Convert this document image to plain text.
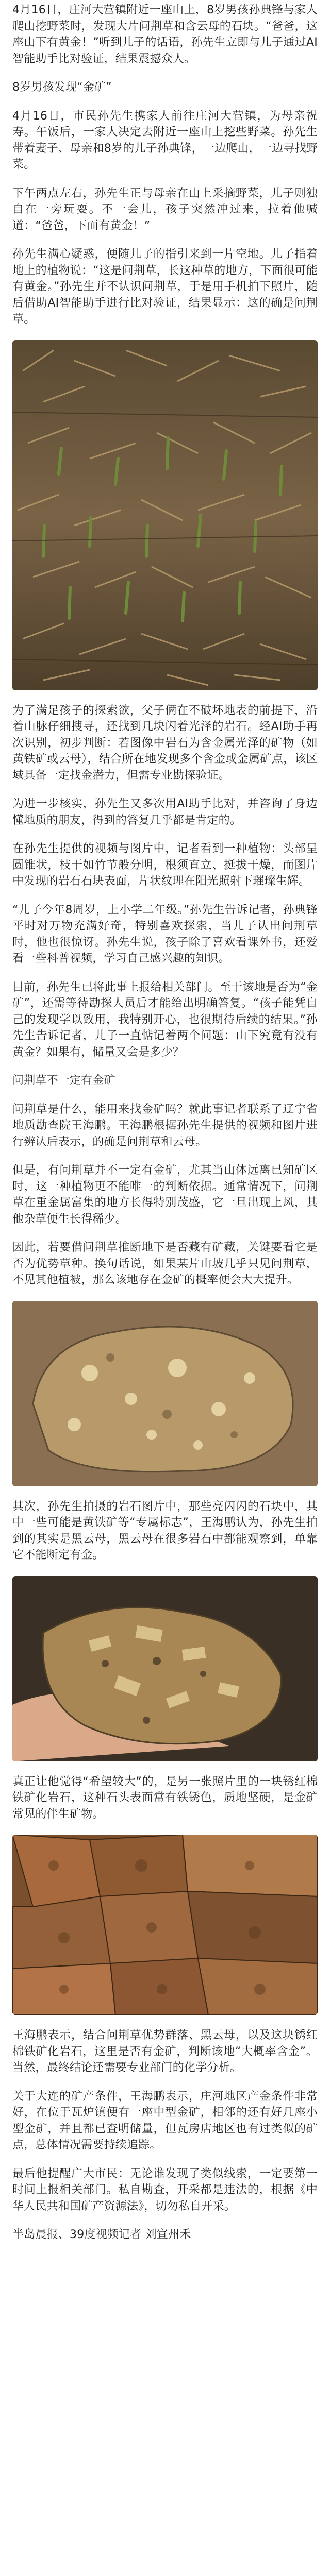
4月16日，庄河大营镇附近一座山上，8岁男孩孙典锋与家人爬山挖野菜时，发现大片问荆草和含云母的石块。“爸爸，这座山下有黄金！”听到儿子的话语，孙先生立即与儿子通过AI智能助手比对验证，结果震撼众人。

8岁男孩发现“金矿”

4月16日，市民孙先生携家人前往庄河大营镇，为母亲祝寿。午饭后，一家人决定去附近一座山上挖些野菜。孙先生带着妻子、母亲和8岁的儿子孙典锋，一边爬山，一边寻找野菜。

下午两点左右，孙先生正与母亲在山上采摘野菜，儿子则独自在一旁玩耍。不一会儿，孩子突然冲过来，拉着他喊道：“爸爸，下面有黄金！”

孙先生满心疑惑，便随儿子的指引来到一片空地。儿子指着地上的植物说：“这是问荆草，长这种草的地方，下面很可能有黄金。”孙先生并不认识问荆草，于是用手机拍下照片，随后借助AI智能助手进行比对验证，结果显示：这的确是问荆草。

为了满足孩子的探索欲，父子俩在不破坏地表的前提下，沿着山脉仔细搜寻，还找到几块闪着光泽的岩石。经AI助手再次识别，初步判断：若图像中岩石为含金属光泽的矿物（如黄铁矿或云母），结合所在地发现多个含金或金属矿点，该区域具备一定找金潜力，但需专业勘探验证。

为进一步核实，孙先生又多次用AI助手比对，并咨询了身边懂地质的朋友，得到的答复几乎都是肯定的。

在孙先生提供的视频与图片中，记者看到一种植物：头部呈圆锥状，枝干如竹节般分明，根须直立、挺拔干燥，而图片中发现的岩石石块表面，片状纹理在阳光照射下璀璨生辉。

“儿子今年8周岁，上小学二年级。”孙先生告诉记者，孙典锋平时对万物充满好奇，特别喜欢探索，当儿子认出问荆草时，他也很惊讶。孙先生说，孩子除了喜欢看课外书，还爱看一些科普视频，学习自己感兴趣的知识。

目前，孙先生已将此事上报给相关部门。至于该地是否为“金矿”，还需等待勘探人员后才能给出明确答复。“孩子能凭自己的发现学以致用，我特别开心，也很期待后续的结果。”孙先生告诉记者，儿子一直惦记着两个问题：山下究竟有没有黄金？如果有，储量又会是多少？

问荆草不一定有金矿

问荆草是什么，能用来找金矿吗？就此事记者联系了辽宁省地质勘查院王海鹏。王海鹏根据孙先生提供的视频和图片进行辨认后表示，的确是问荆草和云母。

但是，有问荆草并不一定有金矿，尤其当山体远离已知矿区时，这一种植物更不能唯一的判断依据。通常情况下，问荆草在重金属富集的地方长得特别茂盛，它一旦出现上风，其他杂草便生长得稀少。

因此，若要借问荆草推断地下是否藏有矿藏，关键要看它是否为优势草种。换句话说，如果某片山坡几乎只见问荆草，不见其他植被，那么该地存在金矿的概率便会大大提升。

其次，孙先生拍摄的岩石图片中，那些亮闪闪的石块中，其中一些可能是黄铁矿等“专属标志”，王海鹏认为，孙先生拍到的其实是黑云母，黑云母在很多岩石中都能观察到，单靠它不能断定有金。

真正让他觉得“希望较大”的，是另一张照片里的一块锈红棉铁矿化岩石，这种石头表面常有铁锈色，质地坚硬，是金矿常见的伴生矿物。

王海鹏表示，结合问荆草优势群落、黑云母，以及这块锈红棉铁矿化岩石，这里是否有金矿，判断该地“大概率含金”。当然，最终结论还需要专业部门的化学分析。

关于大连的矿产条件，王海鹏表示，庄河地区产金条件非常好，在位于瓦炉镇便有一座中型金矿，相邻的还有好几座小型金矿，并且都已查明储量，但瓦房店地区也有过类似的矿点，总体情况需要持续追踪。

最后他提醒广大市民：无论谁发现了类似线索，一定要第一时间上报相关部门。私自勘查，开采都是违法的，根据《中华人民共和国矿产资源法》，切勿私自开采。

半岛晨报、39度视频记者 刘宣州禾
